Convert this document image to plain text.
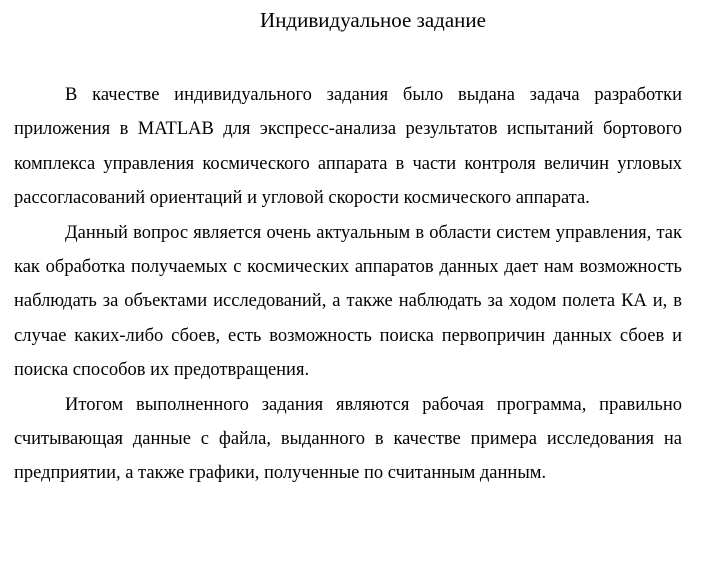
Индивидуальное задание

В качестве индивидуального задания было выдана задача разработки приложения в MATLAB для экспресс-анализа результатов испытаний бортового комплекса управления космического аппарата в части контроля величин угловых рассогласований ориентаций и угловой скорости космического аппарата.

Данный вопрос является очень актуальным в области систем управления, так как обработка получаемых с космических аппаратов данных дает нам возможность наблюдать за объектами исследований, а также наблюдать за ходом полета КА и, в случае каких-либо сбоев, есть возможность поиска первопричин данных сбоев и поиска способов их предотвращения.

Итогом выполненного задания являются рабочая программа, правильно считывающая данные с файла, выданного в качестве примера исследования на предприятии, а также графики, полученные по считанным данным.
